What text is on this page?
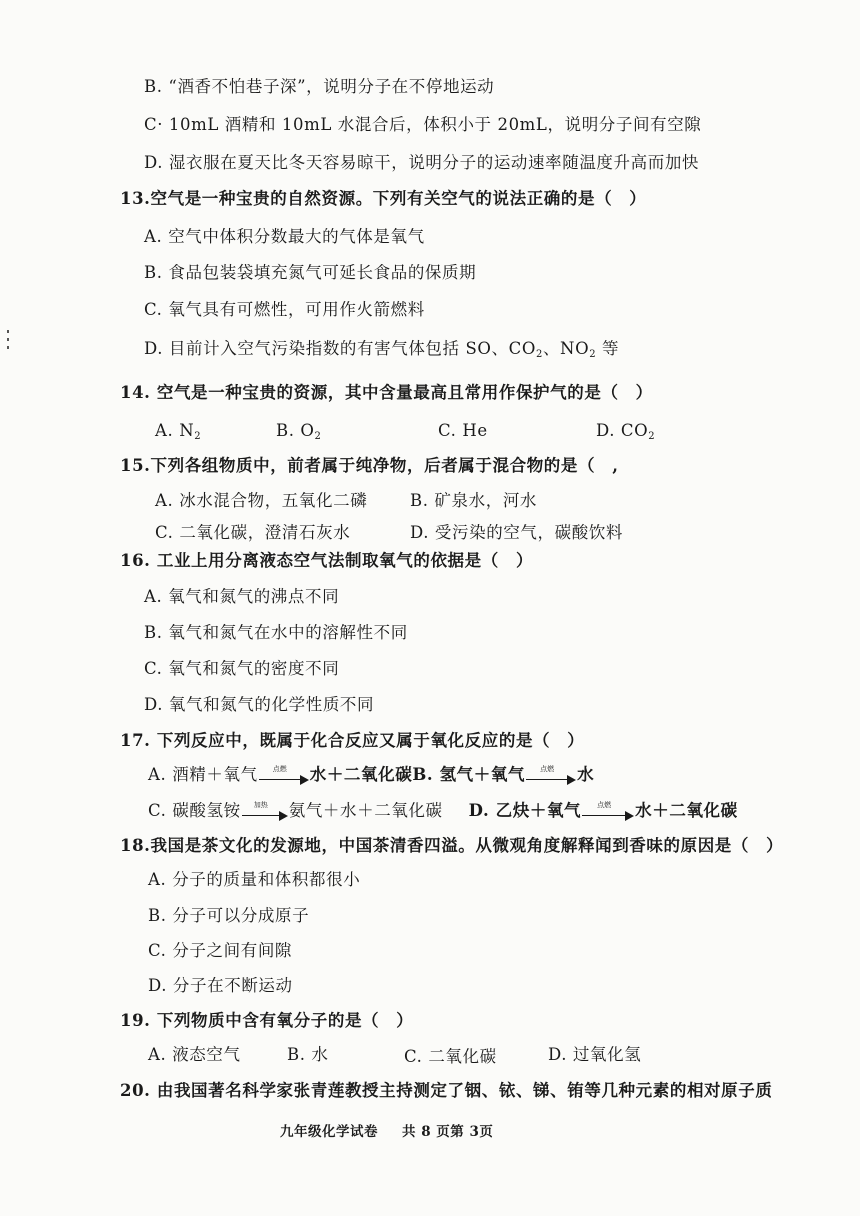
B. “酒香不怕巷子深”，说明分子在不停地运动
C· 10mL 酒精和 10mL 水混合后，体积小于 20mL，说明分子间有空隙
D. 湿衣服在夏天比冬天容易晾干，说明分子的运动速率随温度升高而加快
13.空气是一种宝贵的自然资源。下列有关空气的说法正确的是（　）
A. 空气中体积分数最大的气体是氧气
B. 食品包装袋填充氮气可延长食品的保质期
C. 氧气具有可燃性，可用作火箭燃料
D. 目前计入空气污染指数的有害气体包括 SO、$CO_2$、$NO_2$ 等
14. 空气是一种宝贵的资源，其中含量最高且常用作保护气的是（　）
A. $N_2$	B. $O_2$	C. He	D. $CO_2$
15.下列各组物质中，前者属于纯净物，后者属于混合物的是（　,
A. 冰水混合物，五氧化二磷	B. 矿泉水，河水
C. 二氧化碳，澄清石灰水	D. 受污染的空气，碳酸饮料
16. 工业上用分离液态空气法制取氧气的依据是（　）
A. 氧气和氮气的沸点不同
B. 氧气和氮气在水中的溶解性不同
C. 氧气和氮气的密度不同
D. 氧气和氮气的化学性质不同
17. 下列反应中，既属于化合反应又属于氧化反应的是（　）
A. 酒精＋氧气	点燃	水＋二氧化碳B. 氢气＋氧气	点燃	水
C. 碳酸氢铵	加热	氨气＋水＋二氧化碳 D. 乙炔＋氧气	点燃	水＋二氧化碳
18.我国是茶文化的发源地，中国茶清香四溢。从微观角度解释闻到香味的原因是（　）
A. 分子的质量和体积都很小
B. 分子可以分成原子
C. 分子之间有间隙
D. 分子在不断运动
19. 下列物质中含有氧分子的是（　）
A. 液态空气	B. 水	C. 二氧化碳	D. 过氧化氢
20. 由我国著名科学家张青莲教授主持测定了铟、铱、锑、铕等几种元素的相对原子质
九年级化学试卷 共 8 页第 3页
